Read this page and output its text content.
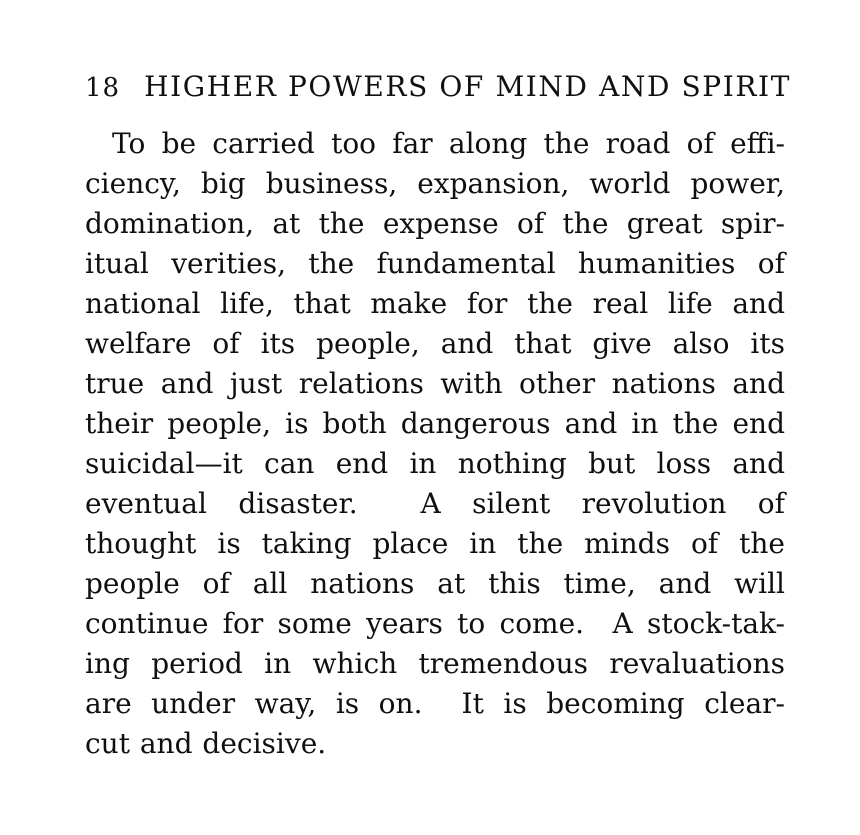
18 HIGHER POWERS OF MIND AND SPIRIT
To be carried too far along the road of effi-
ciency, big business, expansion, world power,
domination, at the expense of the great spir-
itual verities, the fundamental humanities of
national life, that make for the real life and
welfare of its people, and that give also its
true and just relations with other nations and
their people, is both dangerous and in the end
suicidal—it can end in nothing but loss and
eventual disaster.  A silent revolution of
thought is taking place in the minds of the
people of all nations at this time, and will
continue for some years to come.  A stock-tak-
ing period in which tremendous revaluations
are under way, is on.  It is becoming clear-
cut and decisive.
